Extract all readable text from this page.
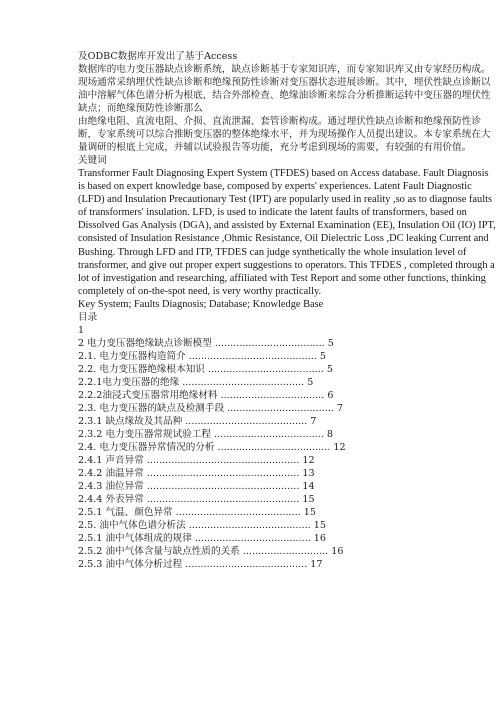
及ODBC数据库开发出了基于Access

数据库的电力变压器缺点诊断系统，缺点诊断基于专家知识库，而专家知识库又由专家经历构成。现场通常采纳埋伏性缺点诊断和绝缘预防性诊断对变压器状态进展诊断。其中，埋伏性缺点诊断以油中溶解气体色谱分析为根底，结合外部检查、绝缘油诊断来综合分析推断运转中变压器的埋伏性缺点；而绝缘预防性诊断那么

由绝缘电阻、直流电阻、介损、直流泄漏、套管诊断构成。通过埋伏性缺点诊断和绝缘预防性诊断，专家系统可以综合推断变压器的整体绝缘水平，并为现场操作人员提出建议。本专家系统在大量调研的根底上完成，并辅以试验报告等功能，充分考虑到现场的需要，有较强的有用价值。

关键词

Transformer Fault Diagnosing Expert System (TFDES) based on Access database. Fault Diagnosis is based on expert knowledge base, composed by experts' experiences. Latent Fault Diagnostic (LFD) and Insulation Precautionary Test (IPT) are popularly used in reality ,so as to diagnose faults of transformers' insulation. LFD, is used to indicate the latent faults of transformers, based on Dissolved Gas Analysis (DGA), and assisted by External Examination (EE), Insulation Oil (IO) IPT, consisted of Insulation Resistance ,Ohmic Resistance, Oil Dielectric Loss ,DC leaking Current and Bushing. Through LFD and ITP, TFDES can judge synthetically the whole insulation level of transformer, and give out proper expert suggestions to operators. This TFDES , completed through a lot of investigation and researching, affiliated with Test Report and some other functions, thinking completely of on-the-spot need, is very worthy practically.

Key System; Faults Diagnosis; Database; Knowledge Base

目录

1

2 电力变压器绝缘缺点诊断模型 .................................... 5

2.1. 电力变压器构造简介 .......................................... 5

2.2. 电力变压器绝缘根本知识 ...................................... 5

2.2.1电力变压器的绝缘 ........................................ 5

2.2.2油浸式变压器常用绝缘材料 .................................. 6

2.3. 电力变压器的缺点及检测手段 ................................... 7

2.3.1 缺点缘故及其品种 ........................................ 7

2.3.2 电力变压器常规试验工程 .................................... 8

2.4. 电力变压器异常情况的分析 ..................................... 12

2.4.1 声音异常 .................................................. 12

2.4.2 油温异常 .................................................. 13

2.4.3 油位异常 .................................................. 14

2.4.4 外表异常 .................................................. 15

2.5.1 气温、颜色异常 ......................................... 15

2.5. 油中气体色谱分析法 ........................................ 15

2.5.1 油中气体组成的规律 ...................................... 16

2.5.2 油中气体含量与缺点性质的关系 ............................ 16

2.5.3 油中气体分析过程 ........................................ 17
